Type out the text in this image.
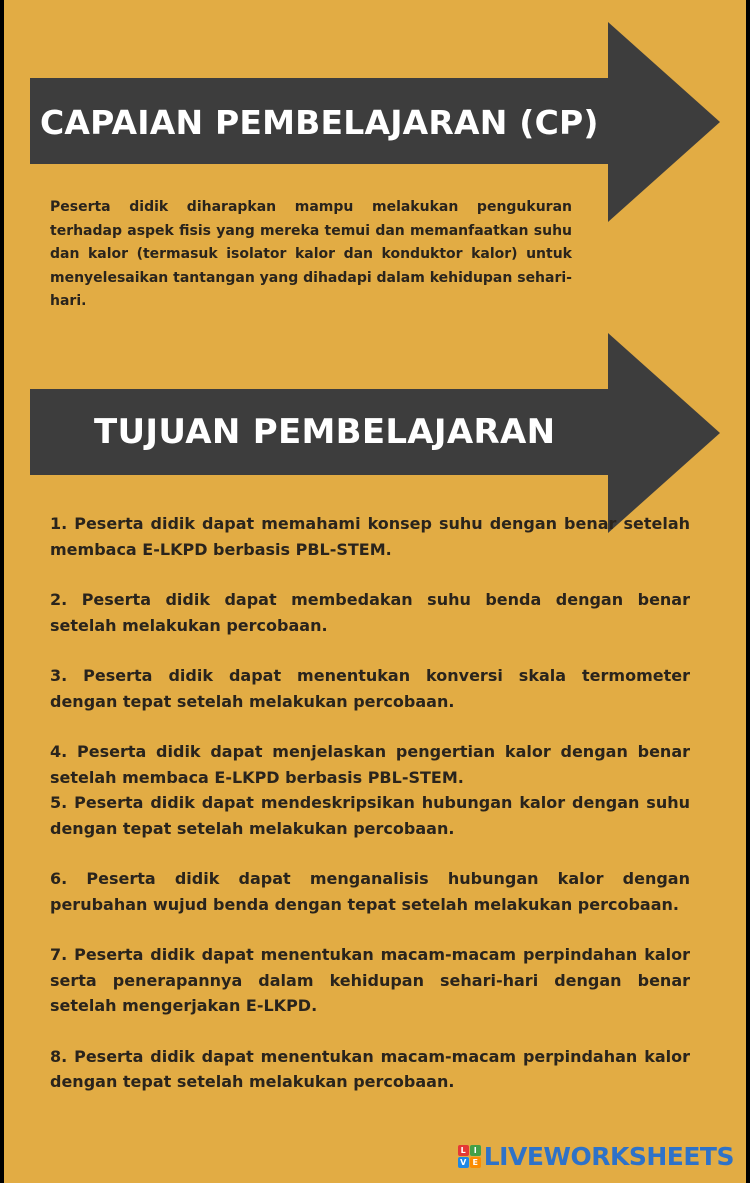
CAPAIAN PEMBELAJARAN (CP)

Peserta didik diharapkan mampu melakukan pengukuran terhadap aspek fisis yang mereka temui dan memanfaatkan suhu dan kalor (termasuk isolator kalor dan konduktor kalor) untuk menyelesaikan tantangan yang dihadapi dalam kehidupan sehari-hari.

TUJUAN PEMBELAJARAN
1. Peserta didik dapat memahami konsep suhu dengan benar setelah membaca E-LKPD berbasis PBL-STEM.
2. Peserta didik dapat membedakan suhu benda dengan benar setelah melakukan percobaan.
3. Peserta didik dapat menentukan konversi skala termometer dengan tepat setelah melakukan percobaan.
4. Peserta didik dapat menjelaskan pengertian kalor dengan benar setelah membaca E-LKPD berbasis PBL-STEM.
5. Peserta didik dapat mendeskripsikan hubungan kalor dengan suhu dengan tepat setelah melakukan percobaan.
6. Peserta didik dapat menganalisis hubungan kalor dengan perubahan wujud benda dengan tepat setelah melakukan percobaan.
7. Peserta didik dapat menentukan macam-macam perpindahan kalor serta penerapannya dalam kehidupan sehari-hari dengan benar setelah mengerjakan E-LKPD.
8. Peserta didik dapat menentukan macam-macam perpindahan kalor dengan tepat setelah melakukan percobaan.
L I
V E LIVEWORKSHEETS
